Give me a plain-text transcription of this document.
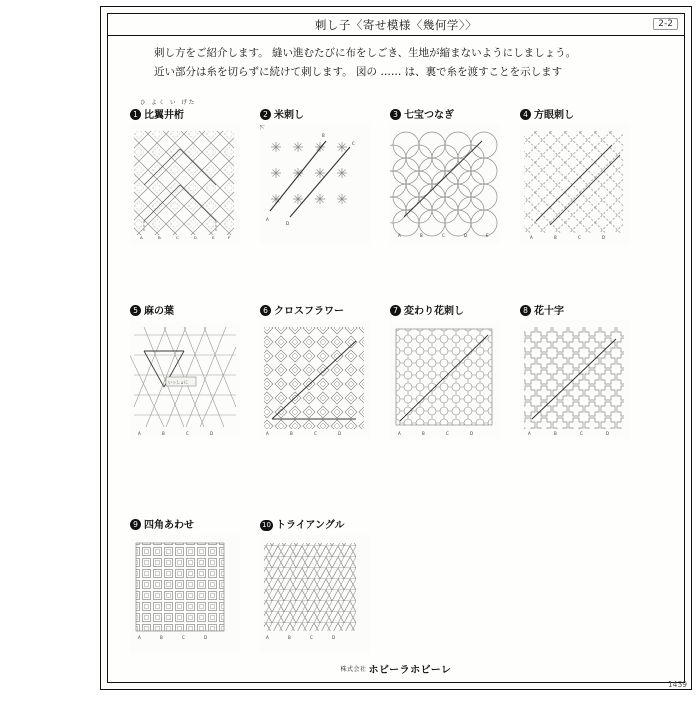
刺し子〈寄せ模様〈幾何学〉〉	2-2
刺し方をご紹介します。 縫い進むたびに布をしごき、生地が縮まないようにしましょう。
近い部分は糸を切らずに続けて刺します。 図の …… は、裏で糸を渡すことを示します
1 比翼井桁
ひ よく い げた
A	B	C	D	E	F
2 米刺し
A
B
C
D
3 七宝つなぎ
A	B	C	D	E
4 方眼刺し
A	B	C	D
5 麻の葉
いっしょに
A	B	C	D
6 クロスフラワー
A	B	C	D
7 変わり花刺し
A	B	C	D
8 花十字
A	B	C	D
9 四角あわせ
A	B	C	D
10 トライアングル
A	B	C	D
$^{株式会社}$ ホビーラホビーレ
1439
